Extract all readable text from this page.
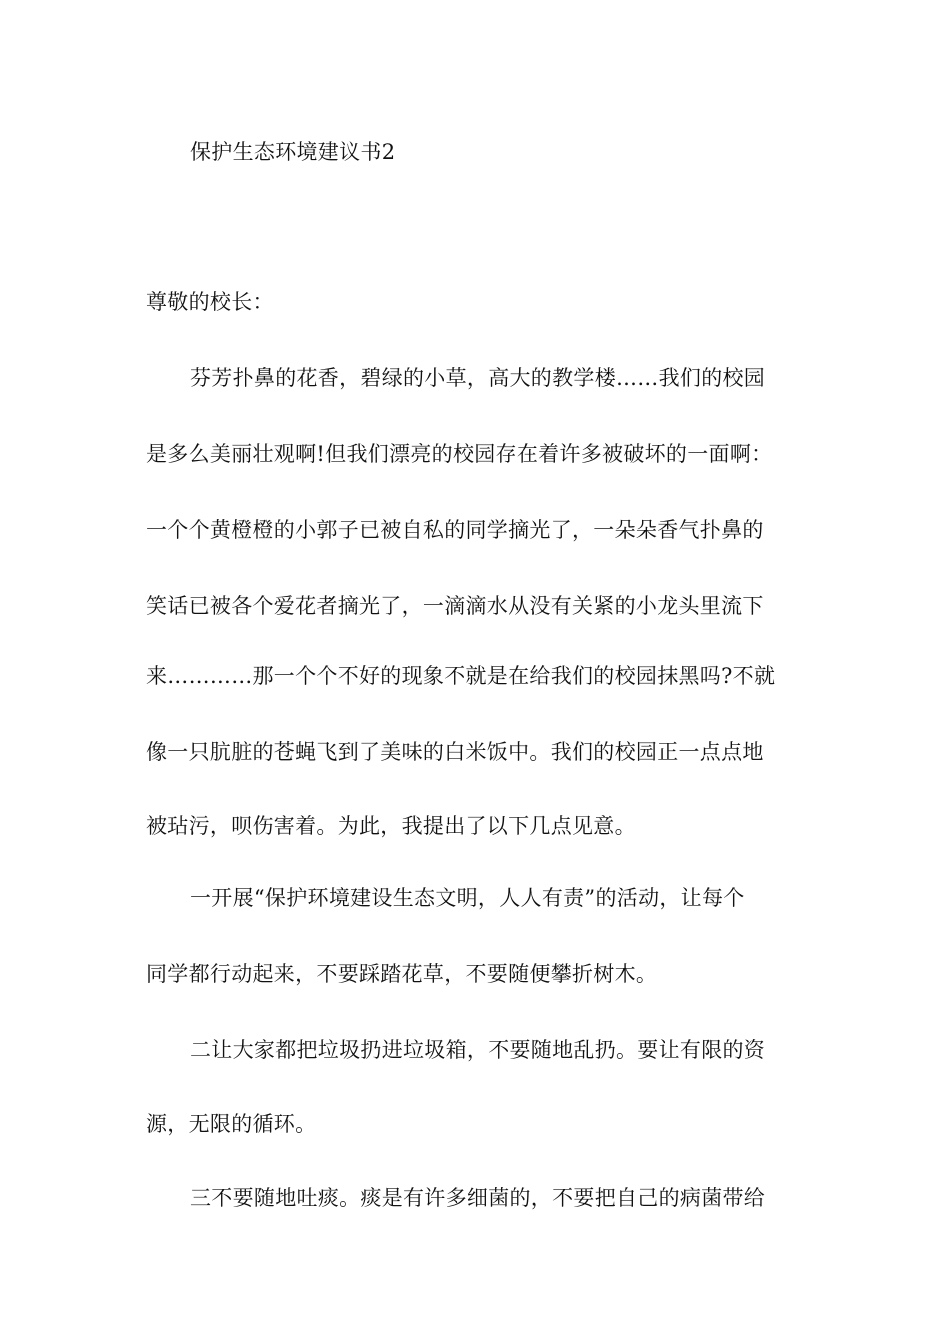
保护生态环境建议书2
尊敬的校长：
芬芳扑鼻的花香，碧绿的小草，高大的教学楼……我们的校园
是多么美丽壮观啊!但我们漂亮的校园存在着许多被破坏的一面啊：
一个个黄橙橙的小郭子已被自私的同学摘光了，一朵朵香气扑鼻的
笑话已被各个爱花者摘光了，一滴滴水从没有关紧的小龙头里流下
来…………那一个个不好的现象不就是在给我们的校园抹黑吗?不就
像一只肮脏的苍蝇飞到了美味的白米饭中。我们的校园正一点点地
被玷污，呗伤害着。为此，我提出了以下几点见意。
一开展“保护环境建设生态文明，人人有责”的活动，让每个
同学都行动起来，不要踩踏花草，不要随便攀折树木。
二让大家都把垃圾扔进垃圾箱，不要随地乱扔。要让有限的资
源，无限的循环。
三不要随地吐痰。痰是有许多细菌的，不要把自己的病菌带给
